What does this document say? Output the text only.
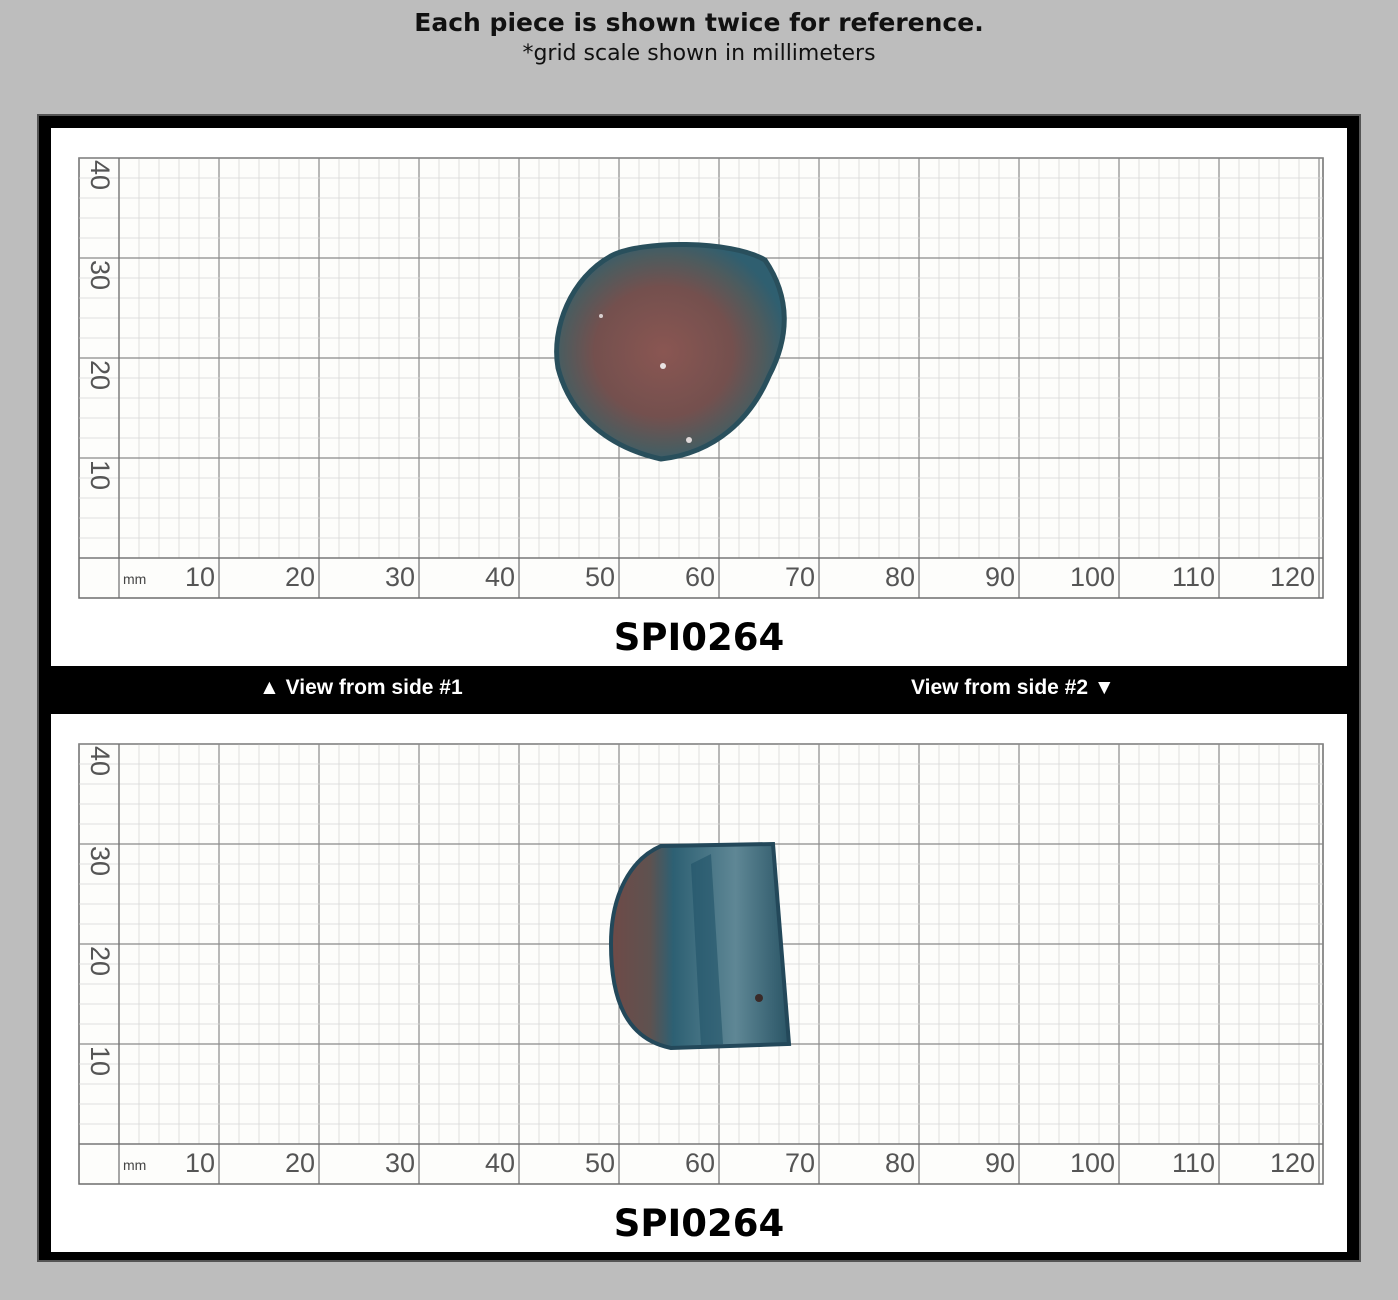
Each piece is shown twice for reference.
*grid scale shown in millimeters
mm 10	20	30	40	50	60	70	80	90 100 110 120
40
30
20
10
SPI0264
▲ View from side #1	View from side #2 ▼
mm 10	20	30	40	50	60	70	80	90 100 110 120
40
30
20
10
SPI0264
